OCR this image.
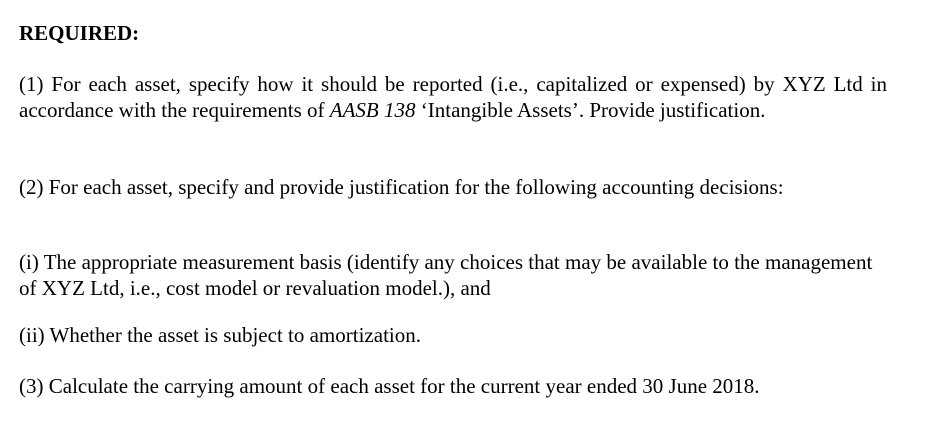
REQUIRED:

(1) For each asset, specify how it should be reported (i.e., capitalized or expensed) by XYZ Ltd in accordance with the requirements of AASB 138 ‘Intangible Assets’. Provide justification.

(2) For each asset, specify and provide justification for the following accounting decisions:

(i) The appropriate measurement basis (identify any choices that may be available to the management of XYZ Ltd, i.e., cost model or revaluation model.), and

(ii) Whether the asset is subject to amortization.

(3) Calculate the carrying amount of each asset for the current year ended 30 June 2018.
